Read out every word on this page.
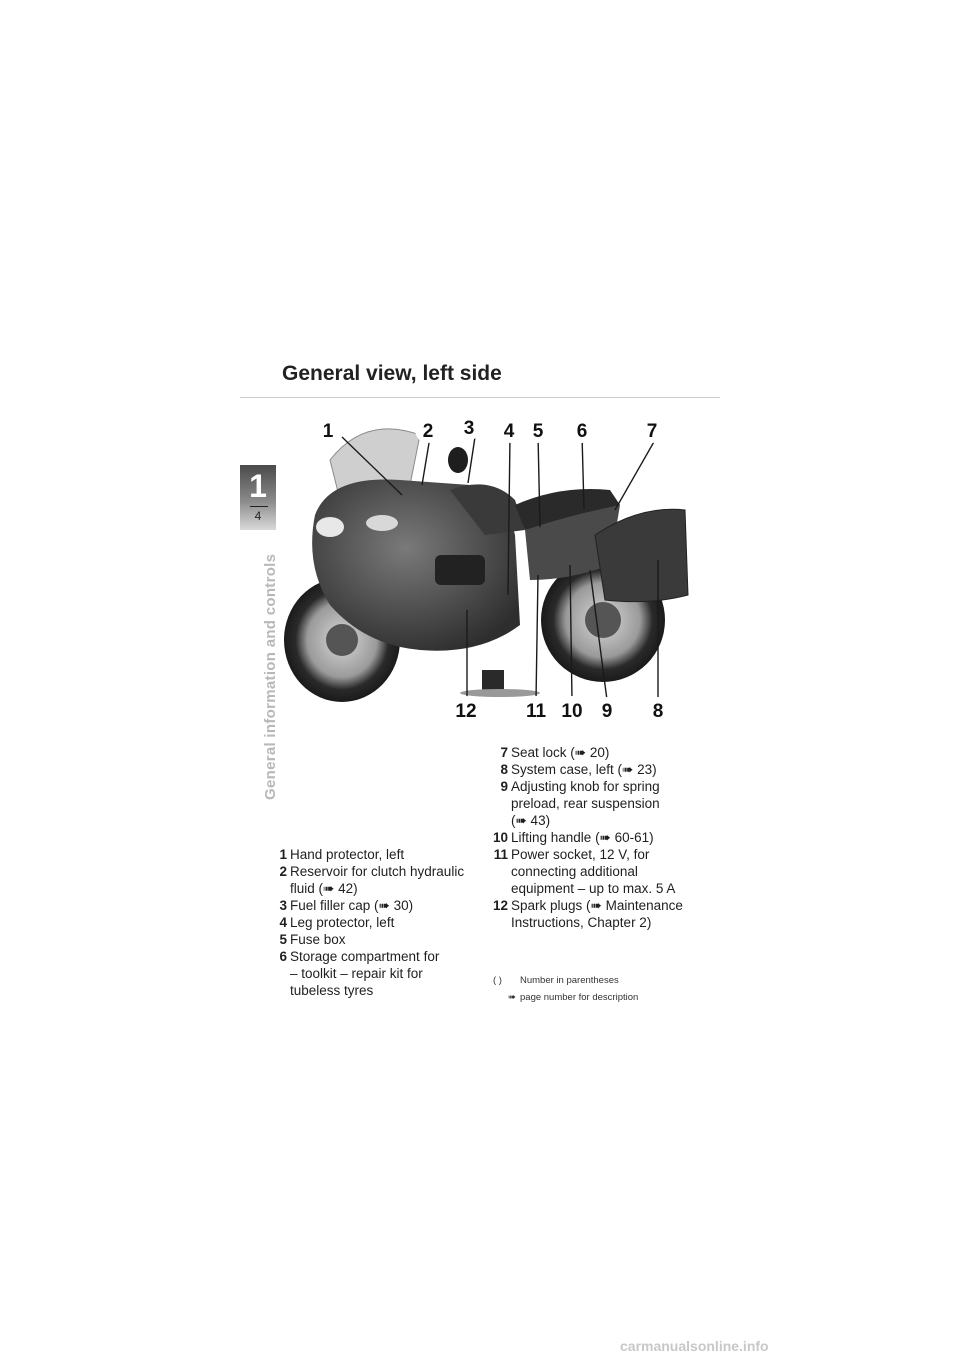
General view, left side
1
4
General information and controls
1	2 3 4 5 6	7
8
9
10
11
12
1 Hand protector, left
2 Reservoir for clutch hydraulic fluid (➠ 42)
3 Fuel filler cap (➠ 30)
4 Leg protector, left
5 Fuse box
6 Storage compartment for – toolkit – repair kit for tubeless tyres
7 Seat lock (➠ 20)
8 System case, left (➠ 23)
9 Adjusting knob for spring preload, rear suspension (➠ 43)
10 Lifting handle (➠ 60-61)
11 Power socket, 12 V, for connecting additional equipment – up to max. 5 A
12 Spark plugs (➠ Maintenance Instructions, Chapter 2)
( )	Number in parentheses
➠ page number for description
carmanualsonline.info
